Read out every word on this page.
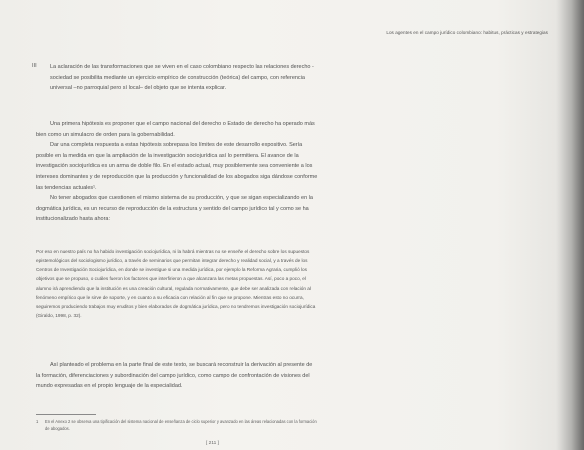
Los agentes en el campo jurídico colombiano: habitus, prácticas y estrategias
III La aclaración de las transformaciones que se viven en el caso colombiano respecto las relaciones derecho - sociedad se posibilita mediante un ejercicio empírico de construcción (teórica) del campo, con referencia universal –no parroquial pero sí local– del objeto que se intenta explicar.

Una primera hipótesis es proponer que el campo nacional del derecho o Estado de derecho ha operado más bien como un simulacro de orden para la gobernabilidad.

Dar una completa respuesta a estas hipótesis sobrepasa los límites de este desarrollo expositivo. Sería posible en la medida en que la ampliación de la investigación sociojurídica así lo permitiera. El avance de la investigación sociojurídica es un arma de doble filo. En el estado actual, muy posiblemente sea conveniente a los intereses dominantes y de reproducción que la producción y funcionalidad de los abogados siga dándose conforme las tendencias actuales¹.

No tener abogados que cuestionen el mismo sistema de su producción, y que se sigan especializando en la dogmática jurídica, es un recurso de reproducción de la estructura y sentido del campo jurídico tal y como se ha institucionalizado hasta ahora:

Por eso en nuestro país no ha habido investigación sociojurídica, ni la habrá mientras no se enseñe el derecho sobre los supuestos epistemológicos del sociologismo jurídico, a través de seminarios que permitan integrar derecho y realidad social, y a través de los Centros de Investigación Sociojurídica, en donde se investigue si una medida jurídica, por ejemplo la Reforma Agraria, cumplió los objetivos que se propuso, o cuáles fueron los factores que interfirieron a que alcanzara las metas propuestas. Así, poco a poco, el alumno irá aprendiendo que la institución es una creación cultural, regulada normativamente, que debe ser analizada con relación al fenómeno empírico que le sirve de soporte, y en cuanto a su eficacia con relación al fin que se propone. Mientras esto no ocurra, seguiremos produciendo trabajos muy eruditos y bien elaborados de dogmática jurídica, pero no tendremos investigación sociojurídica (Giraldo, 1998, p. 32).

Así planteado el problema en la parte final de este texto, se buscará reconstruir la derivación al presente de la formación, diferenciaciones y subordinación del campo jurídico, como campo de confrontación de visiones del mundo expresadas en el propio lenguaje de la especialidad.

1	En el Anexo 2 se observa una tipificación del sistema nacional de enseñanza de ciclo superior y avanzado en las áreas relacionadas con la formación de abogados.
[ 211 ]
